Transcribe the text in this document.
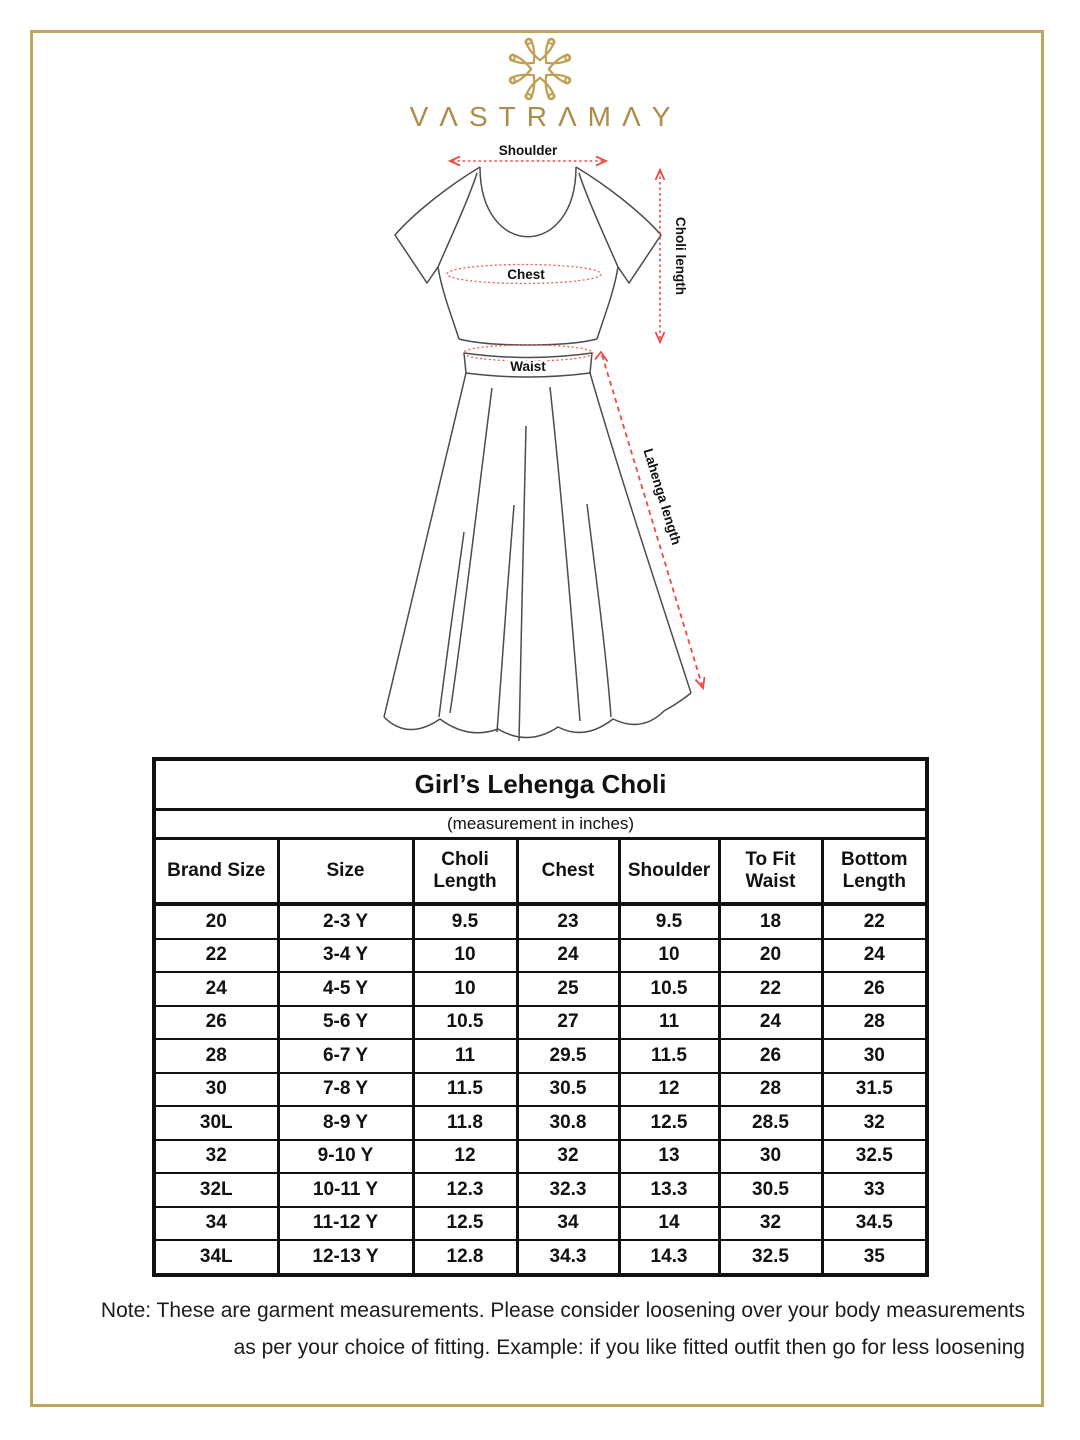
VΛSTRΛMΛY
Shoulder
Chest	Choli length
Waist
Lahenga length
Girl’s Lehenga Choli						
(measurement in inches)						
Brand Size	Size	Choli Length	Chest	Shoulder	To Fit Waist	Bottom Length
20	2-3 Y	9.5	23	9.5	18	22
22	3-4 Y	10	24	10	20	24
24	4-5 Y	10	25	10.5	22	26
26	5-6 Y	10.5	27	11	24	28
28	6-7 Y	11	29.5	11.5	26	30
30	7-8 Y	11.5	30.5	12	28	31.5
30L	8-9 Y	11.8	30.8	12.5	28.5	32
32	9-10 Y	12	32	13	30	32.5
32L	10-11 Y	12.3	32.3	13.3	30.5	33
34	11-12 Y	12.5	34	14	32	34.5
34L	12-13 Y	12.8	34.3	14.3	32.5	35
Note: These are garment measurements. Please consider loosening over your body measurements
as per your choice of fitting. Example: if you like fitted outfit then go for less loosening
